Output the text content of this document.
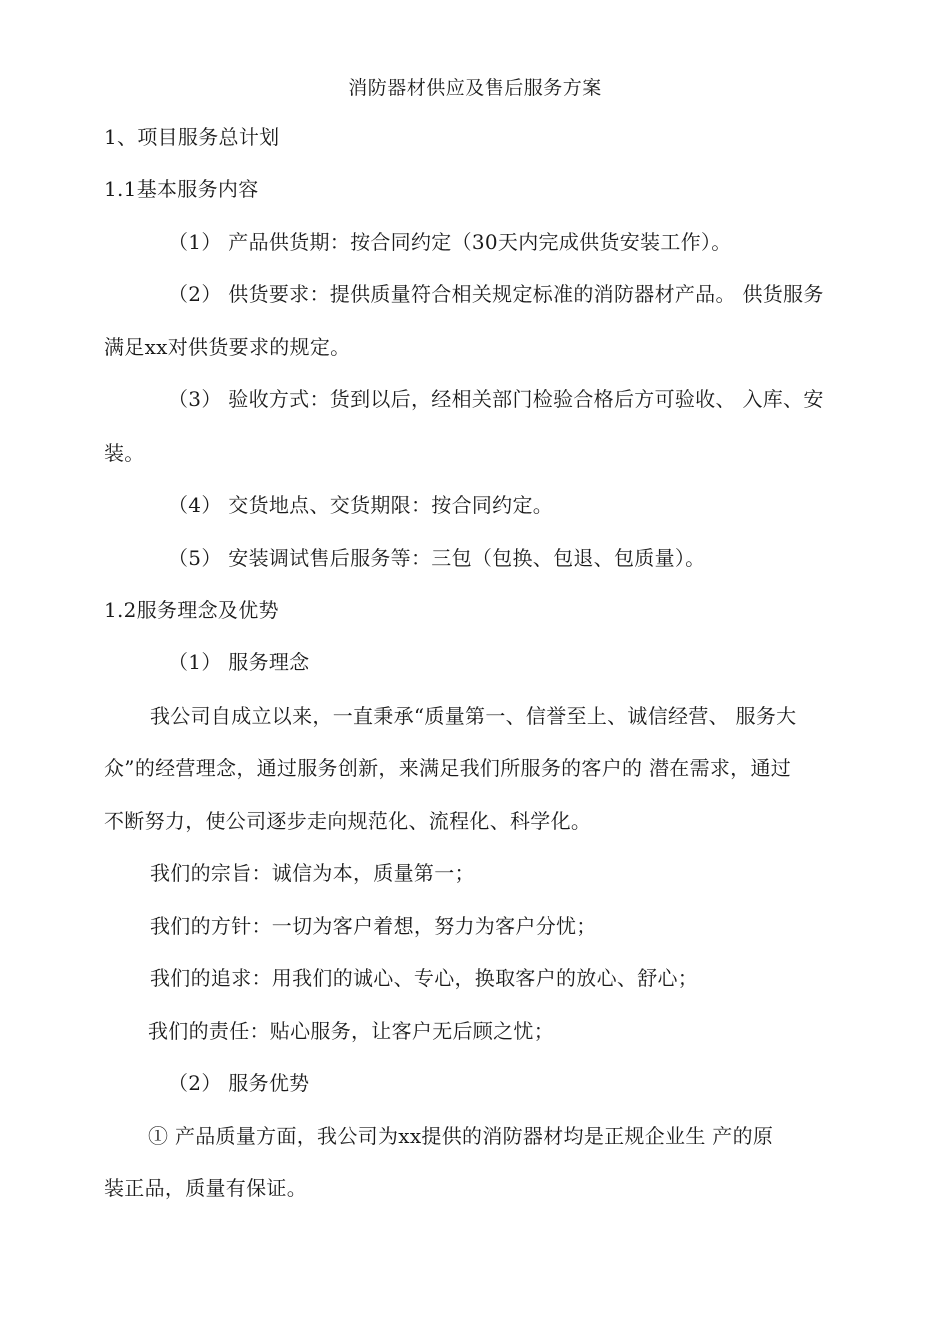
消防器材供应及售后服务方案
1、项目服务总计划
1.1基本服务内容
（1） 产品供货期：按合同约定（30天内完成供货安装工作）。
（2） 供货要求：提供质量符合相关规定标准的消防器材产品。 供货服务
满足xx对供货要求的规定。
（3） 验收方式：货到以后，经相关部门检验合格后方可验收、 入库、安
装。
（4） 交货地点、交货期限：按合同约定。
（5） 安装调试售后服务等：三包（包换、包退、包质量）。
1.2服务理念及优势
（1） 服务理念
我公司自成立以来，一直秉承“质量第一、信誉至上、诚信经营、 服务大
众”的经营理念，通过服务创新，来满足我们所服务的客户的 潜在需求，通过
不断努力，使公司逐步走向规范化、流程化、科学化。
我们的宗旨：诚信为本，质量第一；
我们的方针：一切为客户着想，努力为客户分忧；
我们的追求：用我们的诚心、专心，换取客户的放心、舒心；
我们的责任：贴心服务，让客户无后顾之忧；
（2） 服务优势
① 产品质量方面，我公司为xx提供的消防器材均是正规企业生 产的原
装正品，质量有保证。
